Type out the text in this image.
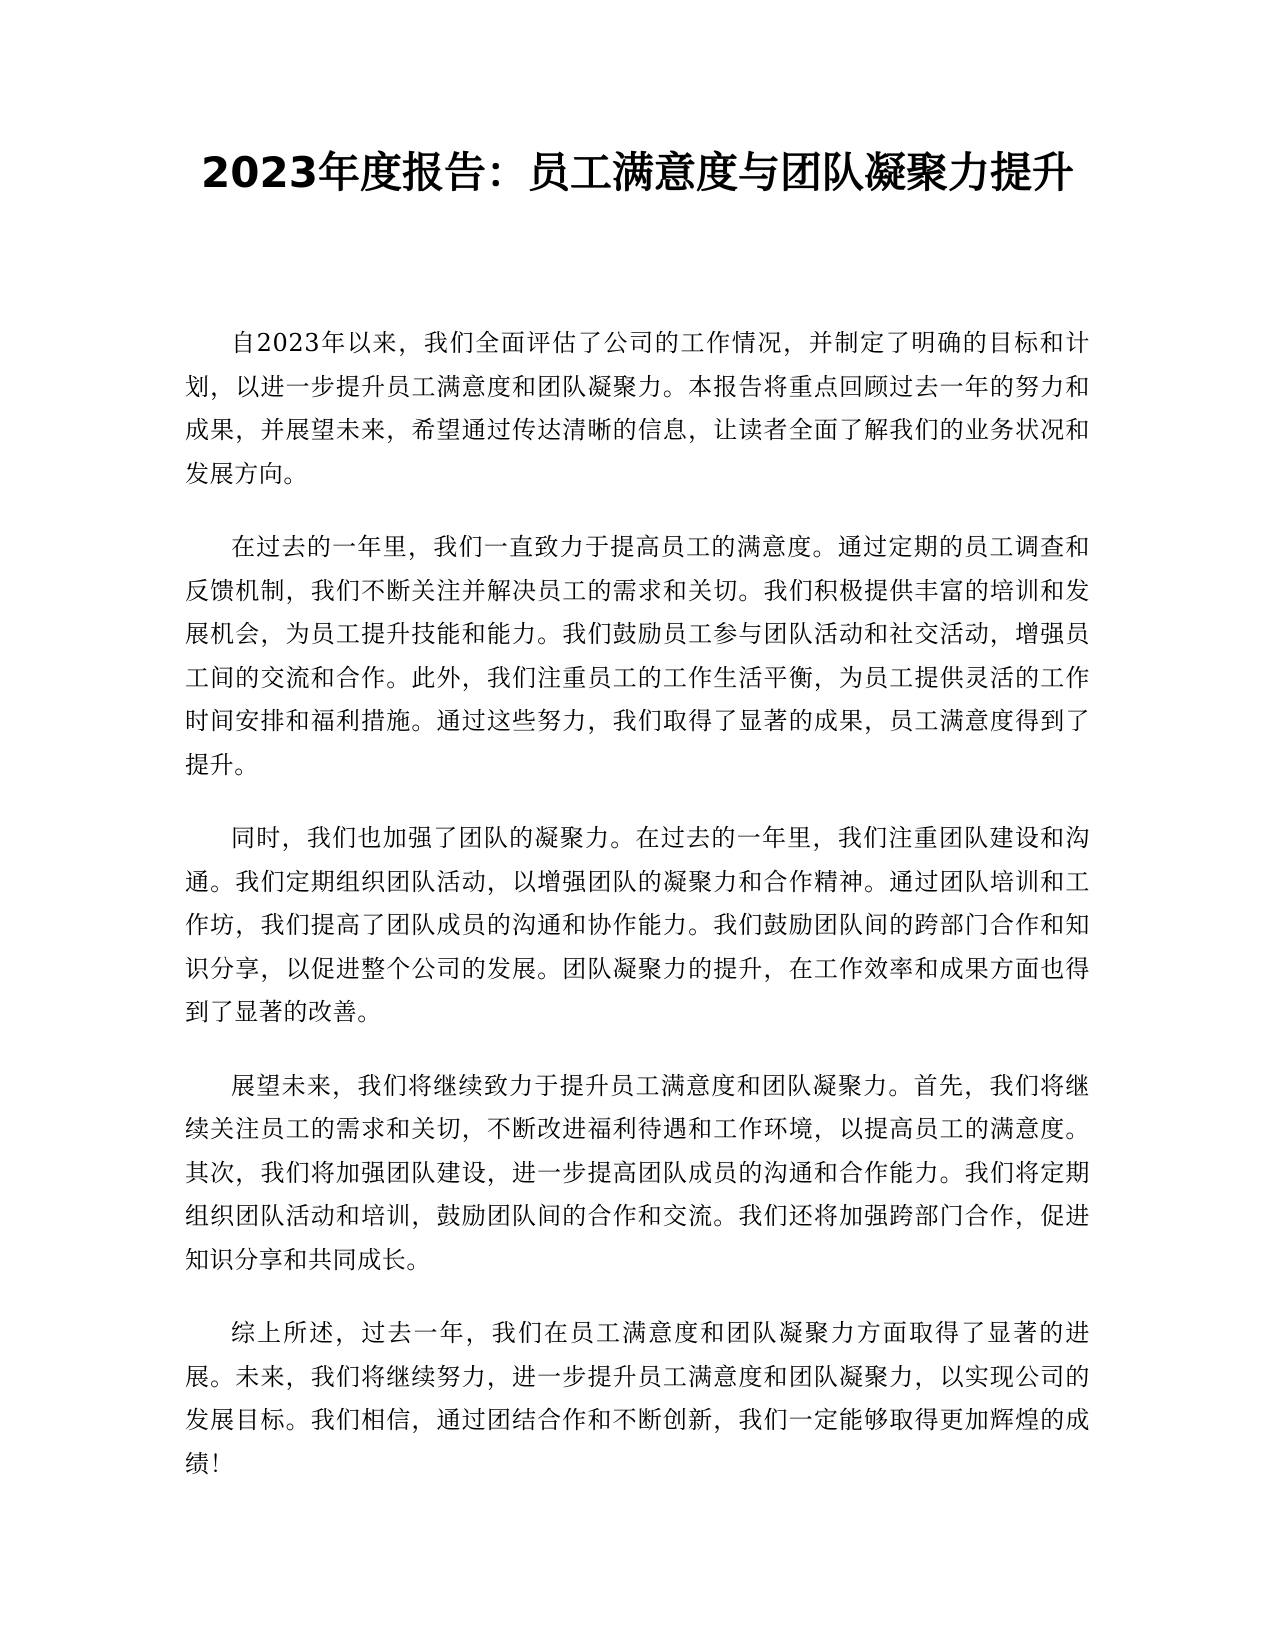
2023年度报告：员工满意度与团队凝聚力提升

自2023年以来，我们全面评估了公司的工作情况，并制定了明确的目标和计划，以进一步提升员工满意度和团队凝聚力。本报告将重点回顾过去一年的努力和成果，并展望未来，希望通过传达清晰的信息，让读者全面了解我们的业务状况和发展方向。

在过去的一年里，我们一直致力于提高员工的满意度。通过定期的员工调查和反馈机制，我们不断关注并解决员工的需求和关切。我们积极提供丰富的培训和发展机会，为员工提升技能和能力。我们鼓励员工参与团队活动和社交活动，增强员工间的交流和合作。此外，我们注重员工的工作生活平衡，为员工提供灵活的工作时间安排和福利措施。通过这些努力，我们取得了显著的成果，员工满意度得到了提升。

同时，我们也加强了团队的凝聚力。在过去的一年里，我们注重团队建设和沟通。我们定期组织团队活动，以增强团队的凝聚力和合作精神。通过团队培训和工作坊，我们提高了团队成员的沟通和协作能力。我们鼓励团队间的跨部门合作和知识分享，以促进整个公司的发展。团队凝聚力的提升，在工作效率和成果方面也得到了显著的改善。

展望未来，我们将继续致力于提升员工满意度和团队凝聚力。首先，我们将继续关注员工的需求和关切，不断改进福利待遇和工作环境，以提高员工的满意度。其次，我们将加强团队建设，进一步提高团队成员的沟通和合作能力。我们将定期组织团队活动和培训，鼓励团队间的合作和交流。我们还将加强跨部门合作，促进知识分享和共同成长。

综上所述，过去一年，我们在员工满意度和团队凝聚力方面取得了显著的进展。未来，我们将继续努力，进一步提升员工满意度和团队凝聚力，以实现公司的发展目标。我们相信，通过团结合作和不断创新，我们一定能够取得更加辉煌的成绩！
